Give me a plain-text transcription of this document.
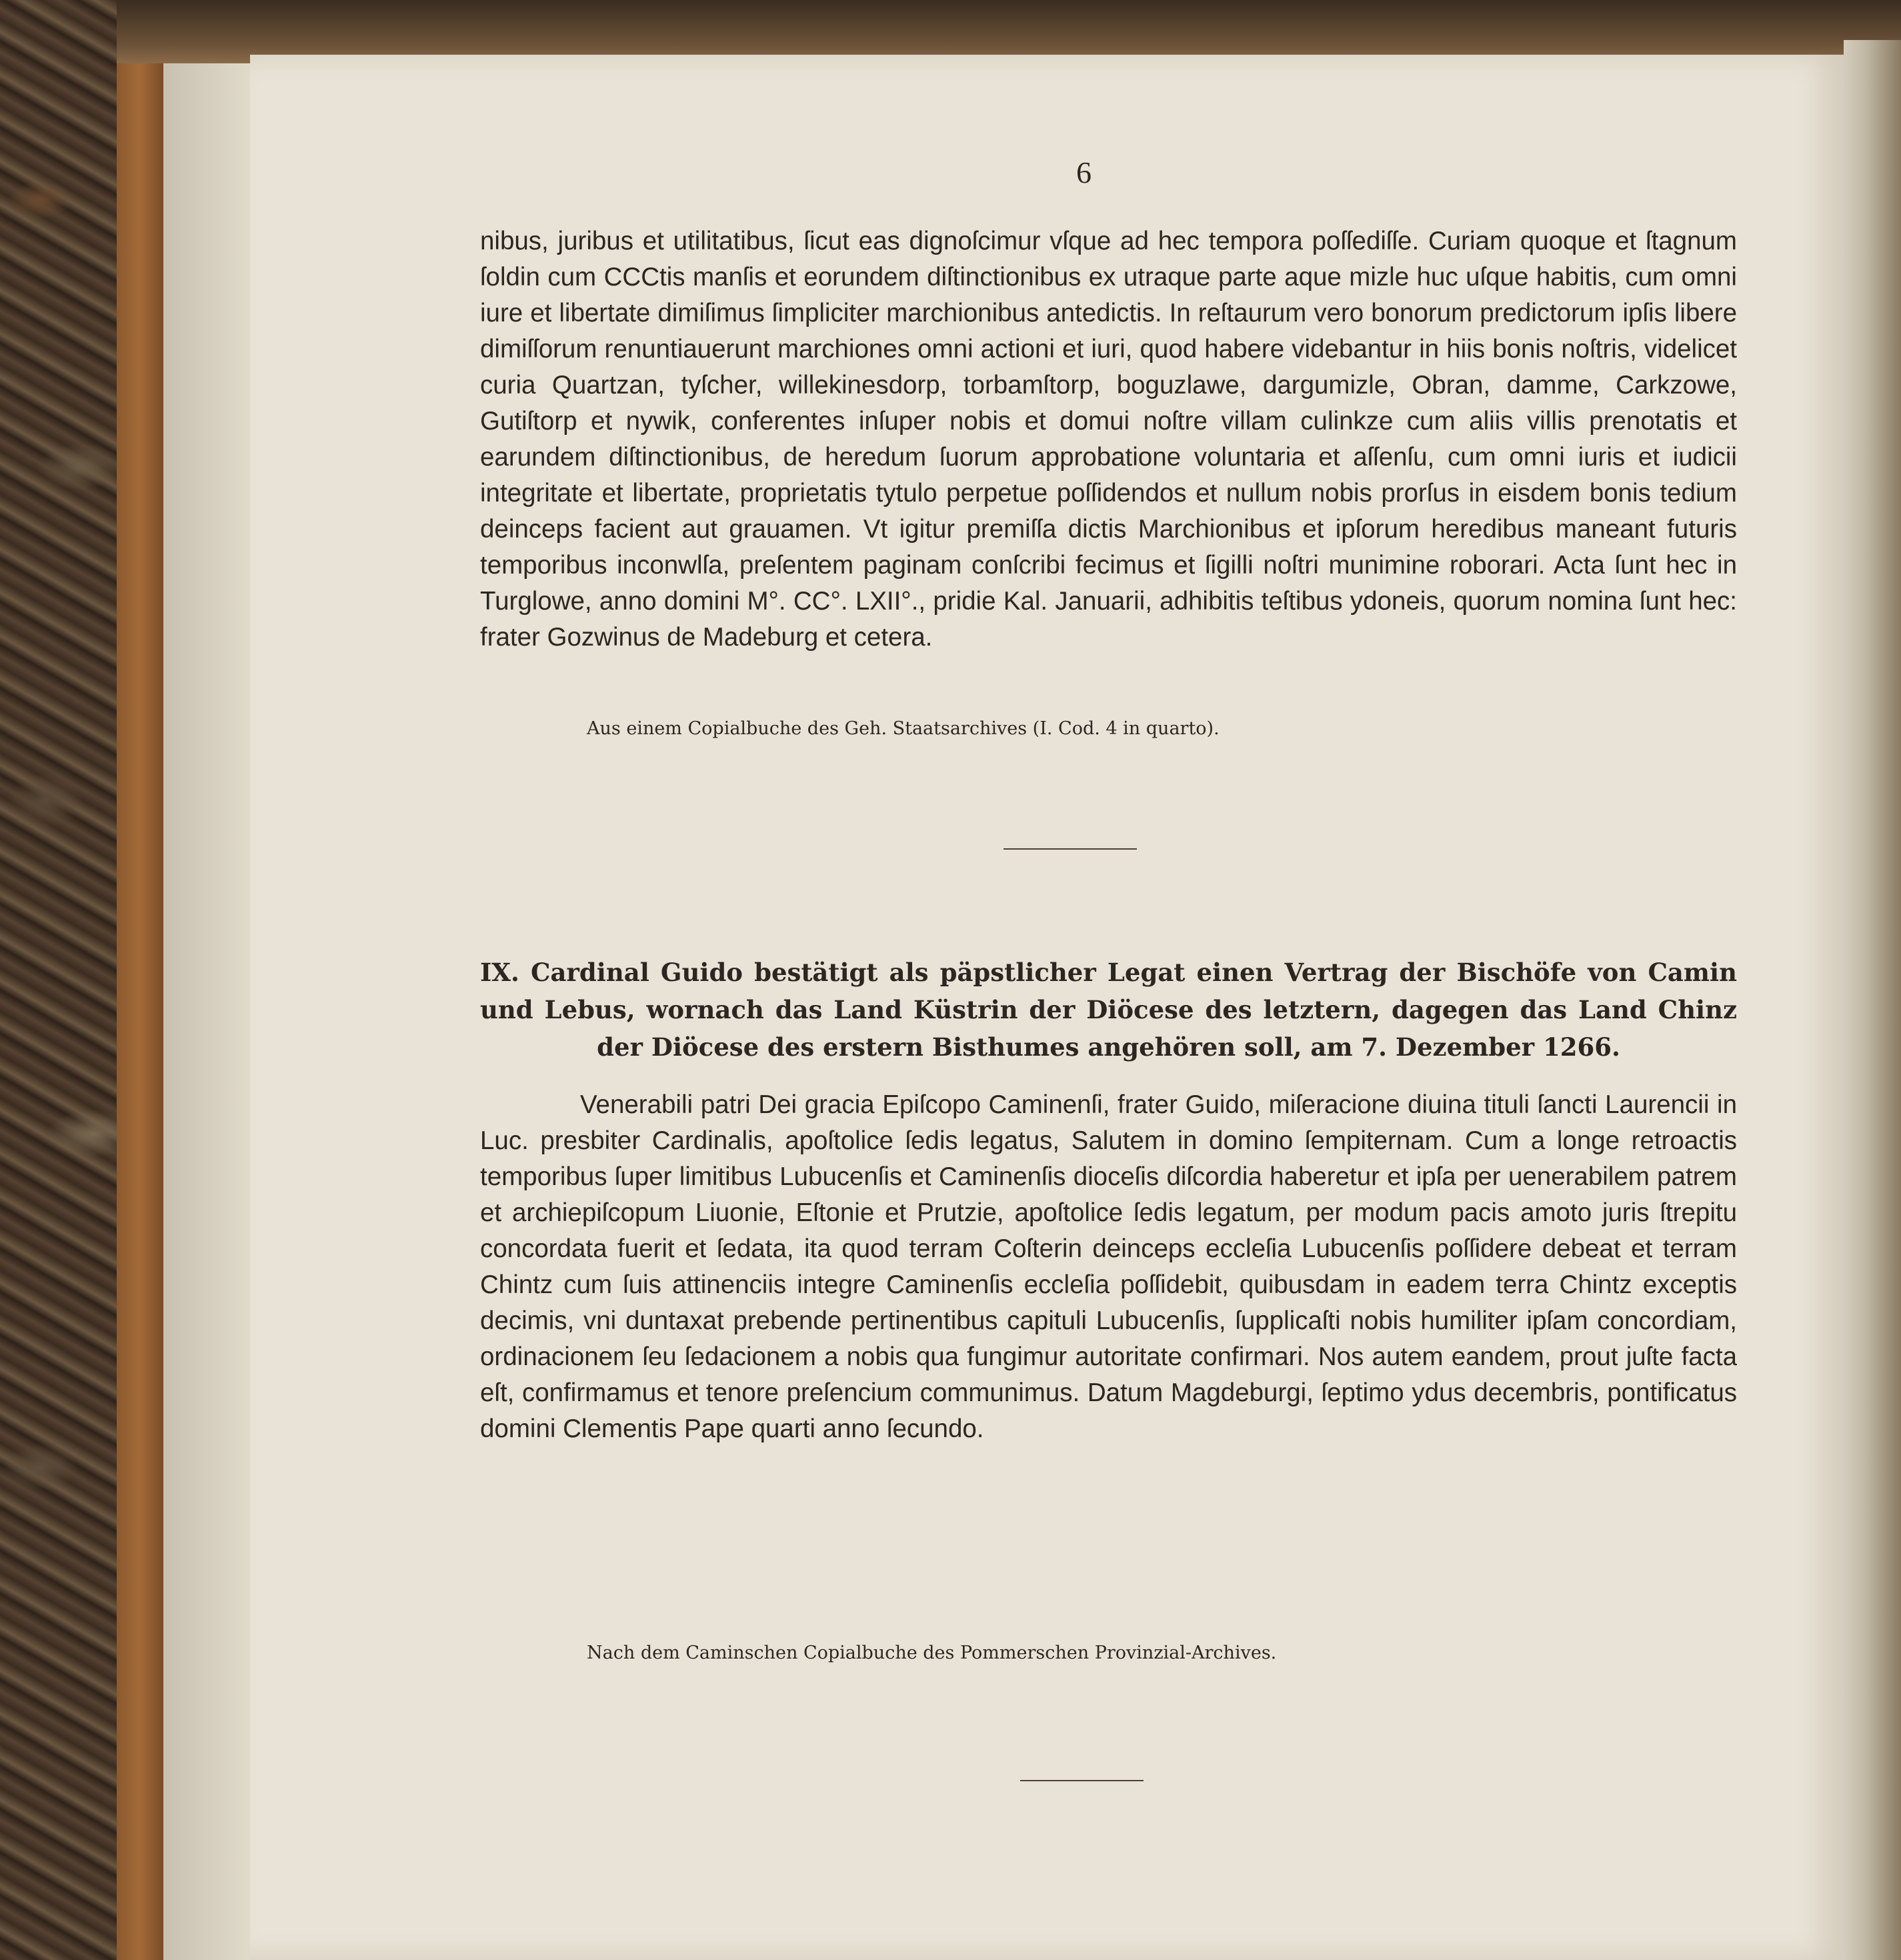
6

nibus, juribus et utilitatibus, ſicut eas dignoſcimur vſque ad hec tempora poſſediſſe. Curiam quoque et ſtagnum ſoldin cum CCCtis manſis et eorundem diſtinctionibus ex utraque parte aque mizle huc uſque habitis, cum omni iure et libertate dimiſimus ſimpliciter marchionibus antedictis. In reſtaurum vero bonorum predictorum ipſis libere dimiſſorum renuntiauerunt marchiones omni actioni et iuri, quod habere videbantur in hiis bonis noſtris, videlicet curia Quartzan, tyſcher, willekinesdorp, torbamſtorp, boguzlawe, dargumizle, Obran, damme, Carkzowe, Gutiſtorp et nywik, conferentes inſuper nobis et domui noſtre villam culinkze cum aliis villis prenotatis et earundem diſtinctionibus, de heredum ſuorum approbatione voluntaria et aſſenſu, cum omni iuris et iudicii integritate et libertate, proprietatis tytulo perpetue poſſidendos et nullum nobis prorſus in eisdem bonis tedium deinceps facient aut grauamen. Vt igitur premiſſa dictis Marchionibus et ipſorum heredibus maneant futuris temporibus inconwlſa, preſentem paginam conſcribi fecimus et ſigilli noſtri munimine roborari. Acta ſunt hec in Turglowe, anno domini M°. CC°. LXII°., pridie Kal. Januarii, adhibitis teſtibus ydoneis, quorum nomina ſunt hec: frater Gozwinus de Madeburg et cetera.

Aus einem Copialbuche des Geh. Staatsarchives (I. Cod. 4 in quarto).

IX. Cardinal Guido bestätigt als päpstlicher Legat einen Vertrag der Bischöfe von Camin und Lebus, wornach das Land Küstrin der Diöcese des letztern, dagegen das Land Chinz der Diöcese des erstern Bisthumes angehören soll, am 7. Dezember 1266.

Venerabili patri Dei gracia Epiſcopo Caminenſi, frater Guido, miſeracione diuina tituli ſancti Laurencii in Luc. presbiter Cardinalis, apoſtolice ſedis legatus, Salutem in domino ſempiternam. Cum a longe retroactis temporibus ſuper limitibus Lubucenſis et Caminenſis dioceſis diſcordia haberetur et ipſa per uenerabilem patrem et archiepiſcopum Liuonie, Eſtonie et Prutzie, apoſtolice ſedis legatum, per modum pacis amoto juris ſtrepitu concordata fuerit et ſedata, ita quod terram Coſterin deinceps eccleſia Lubucenſis poſſidere debeat et terram Chintz cum ſuis attinenciis integre Caminenſis eccleſia poſſidebit, quibusdam in eadem terra Chintz exceptis decimis, vni duntaxat prebende pertinentibus capituli Lubucenſis, ſupplicaſti nobis humiliter ipſam concordiam, ordinacionem ſeu ſedacionem a nobis qua fungimur autoritate confirmari. Nos autem eandem, prout juſte facta eſt, confirmamus et tenore preſencium communimus. Datum Magdeburgi, ſeptimo ydus decembris, pontificatus domini Clementis Pape quarti anno ſecundo.

Nach dem Caminschen Copialbuche des Pommerschen Provinzial-Archives.
